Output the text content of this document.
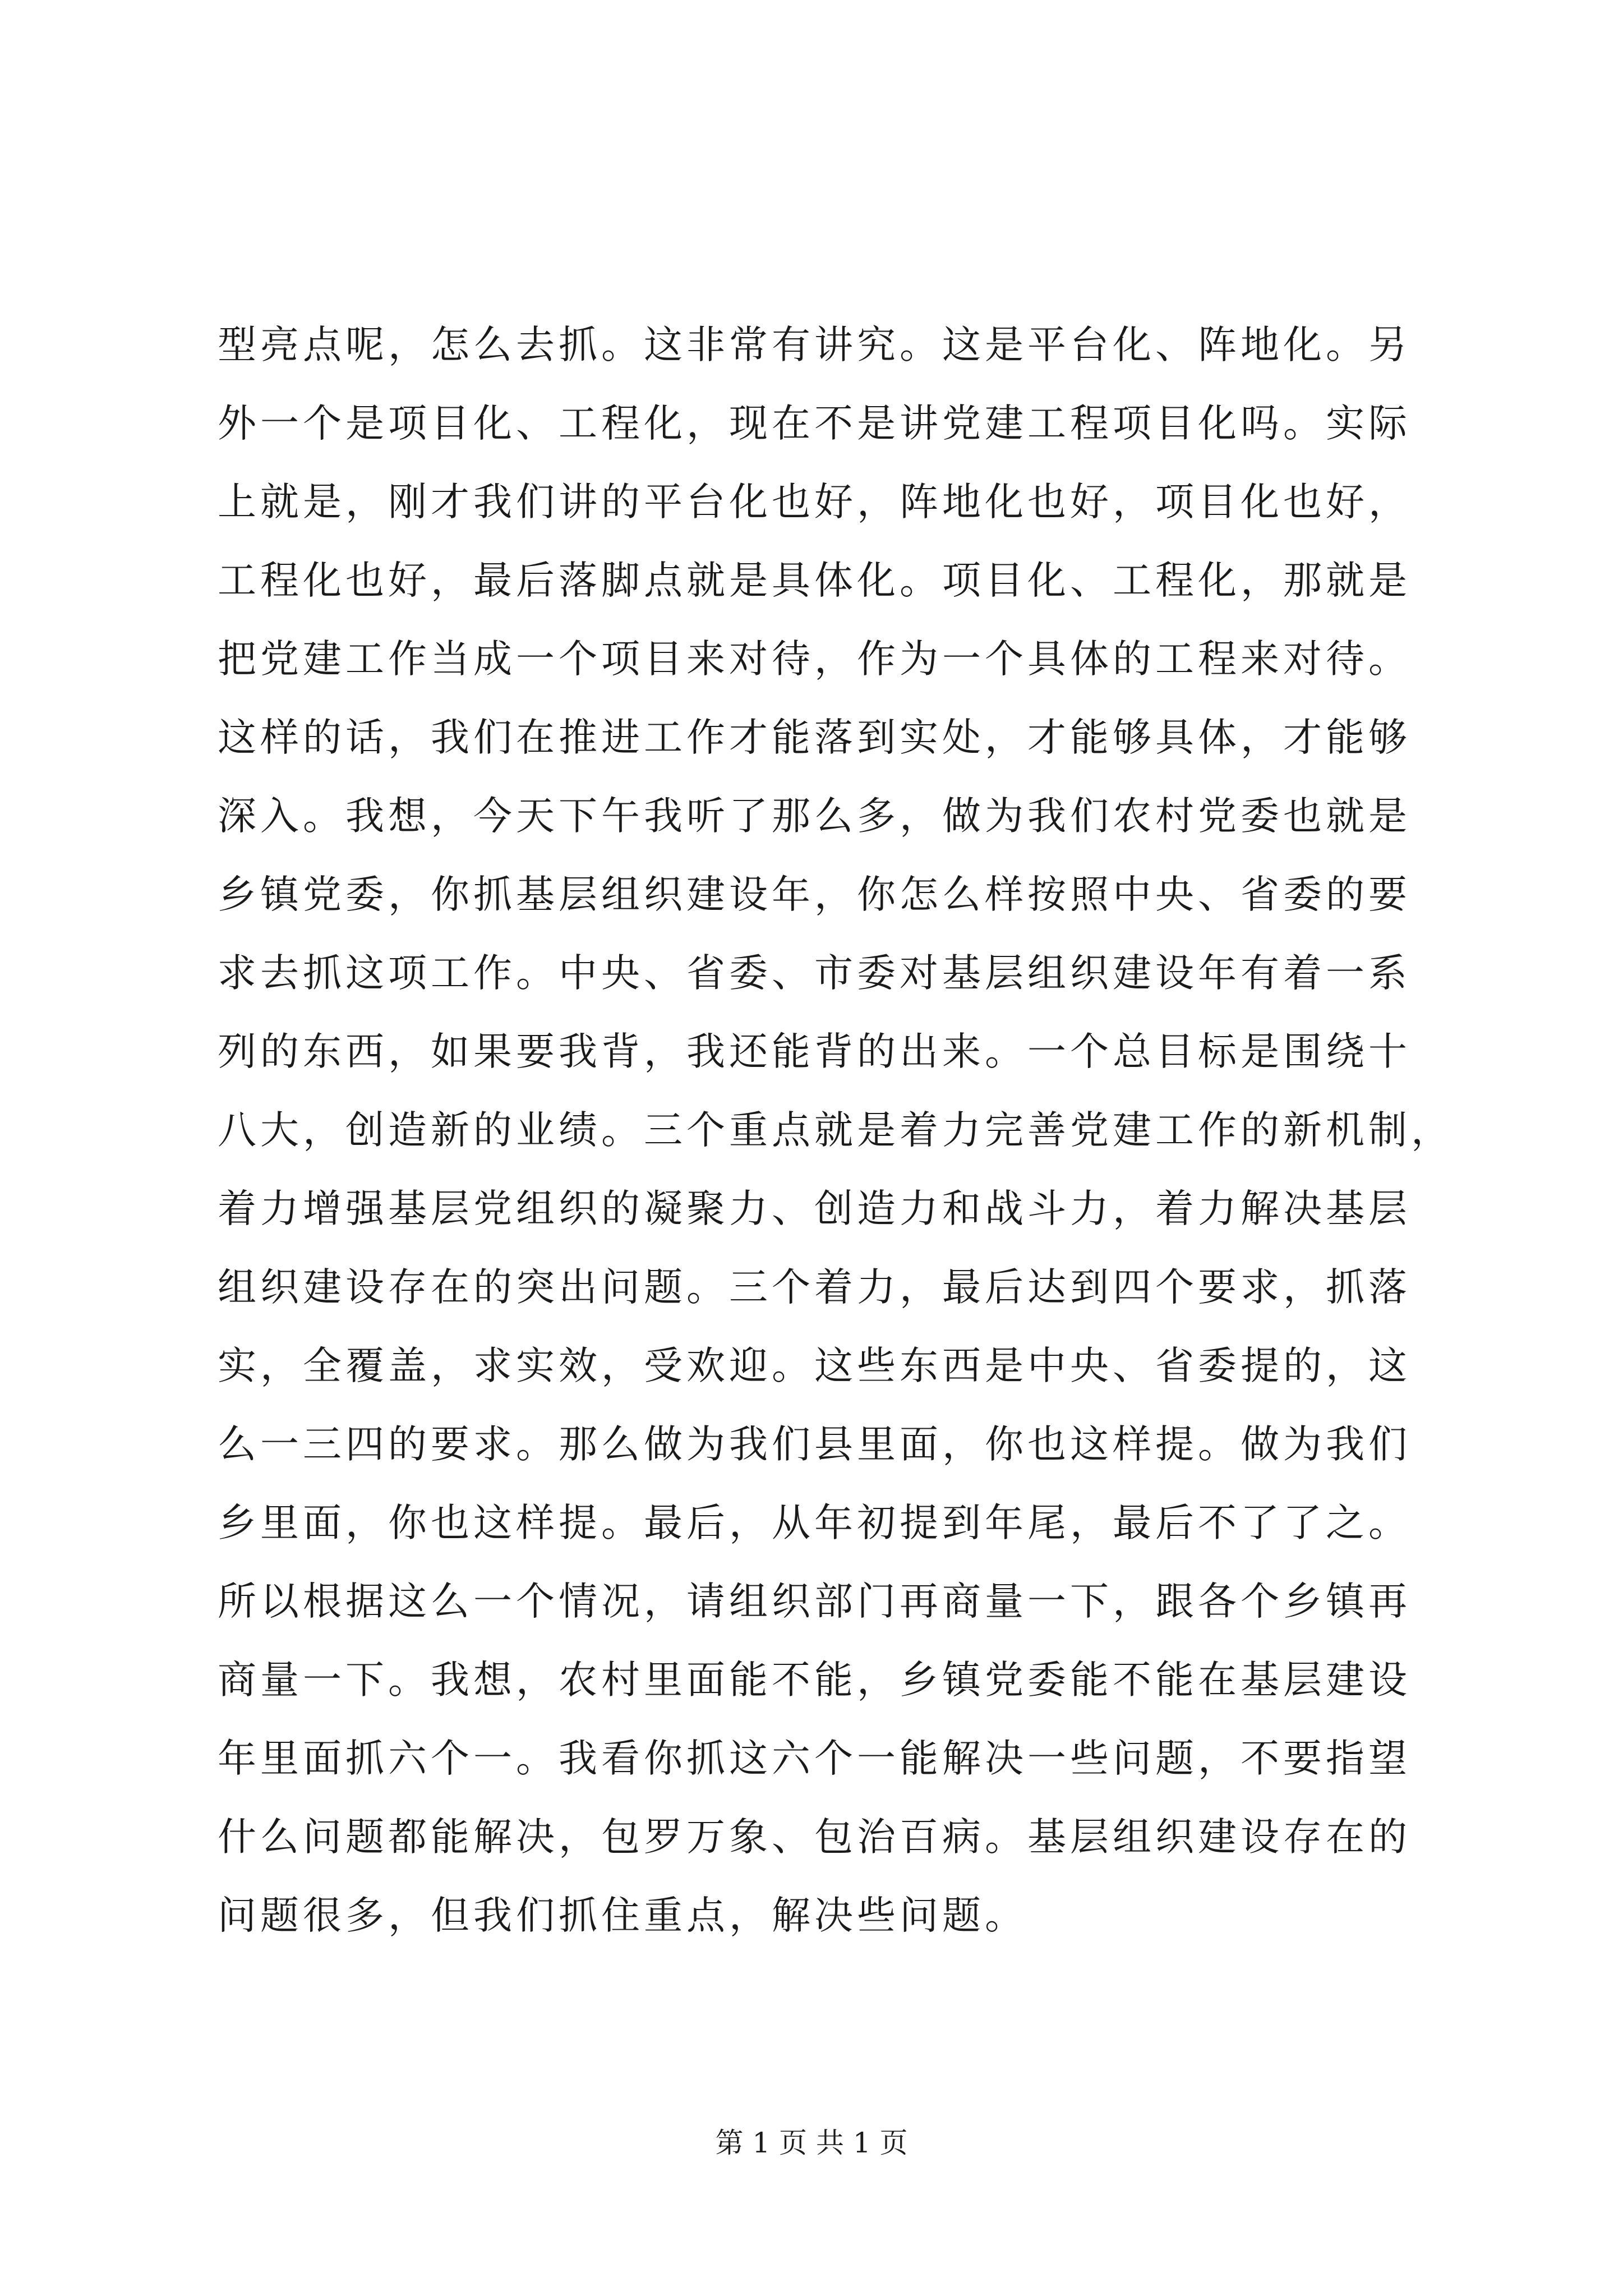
型亮点呢，怎么去抓。这非常有讲究。这是平台化、阵地化。另
外一个是项目化、工程化，现在不是讲党建工程项目化吗。实际
上就是，刚才我们讲的平台化也好，阵地化也好，项目化也好，
工程化也好，最后落脚点就是具体化。项目化、工程化，那就是
把党建工作当成一个项目来对待，作为一个具体的工程来对待。
这样的话，我们在推进工作才能落到实处，才能够具体，才能够
深入。我想，今天下午我听了那么多，做为我们农村党委也就是
乡镇党委，你抓基层组织建设年，你怎么样按照中央、省委的要
求去抓这项工作。中央、省委、市委对基层组织建设年有着一系
列的东西，如果要我背，我还能背的出来。一个总目标是围绕十
八大，创造新的业绩。三个重点就是着力完善党建工作的新机制，
着力增强基层党组织的凝聚力、创造力和战斗力，着力解决基层
组织建设存在的突出问题。三个着力，最后达到四个要求，抓落
实，全覆盖，求实效，受欢迎。这些东西是中央、省委提的，这
么一三四的要求。那么做为我们县里面，你也这样提。做为我们
乡里面，你也这样提。最后，从年初提到年尾，最后不了了之。
所以根据这么一个情况，请组织部门再商量一下，跟各个乡镇再
商量一下。我想，农村里面能不能，乡镇党委能不能在基层建设
年里面抓六个一。我看你抓这六个一能解决一些问题，不要指望
什么问题都能解决，包罗万象、包治百病。基层组织建设存在的
问题很多，但我们抓住重点，解决些问题。
第 1 页 共 1 页
